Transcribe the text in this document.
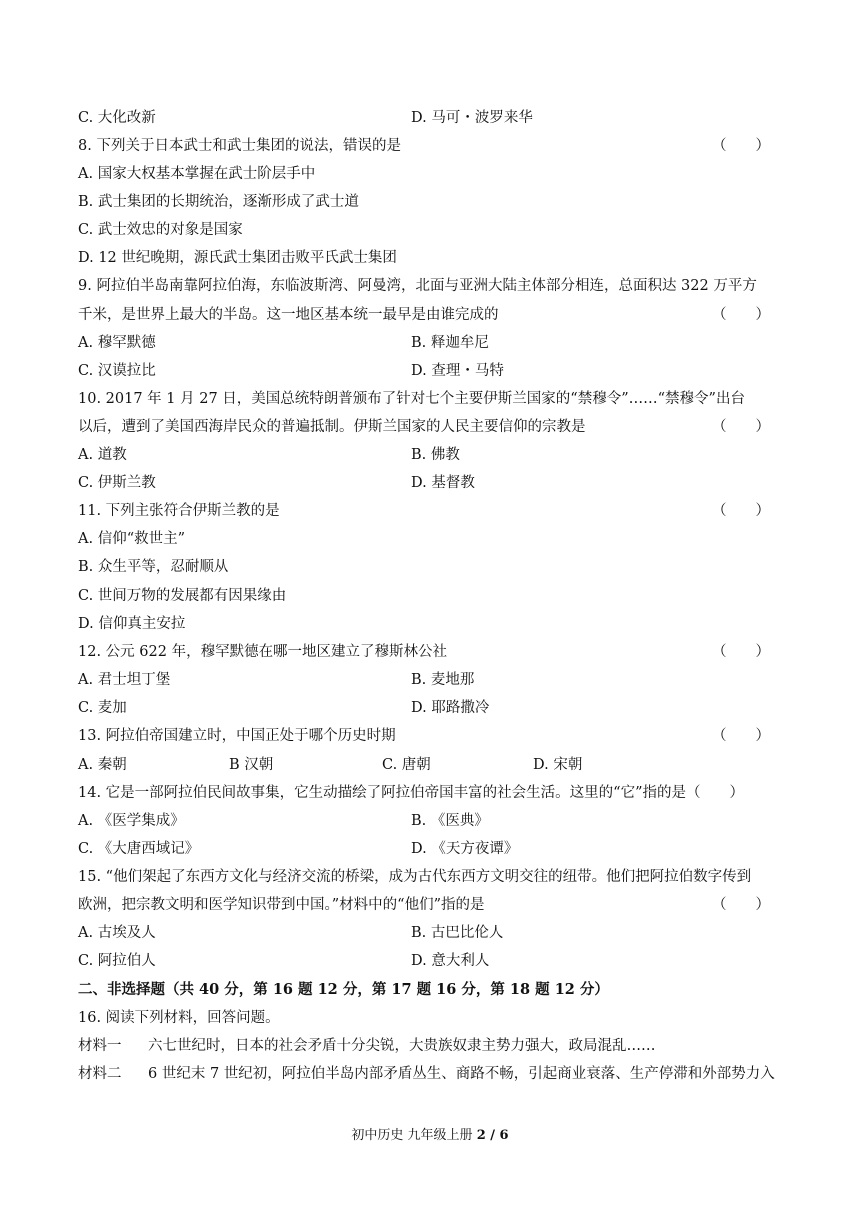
C. 大化改新	D. 马可・波罗来华
8. 下列关于日本武士和武士集团的说法，错误的是	（　　）
A. 国家大权基本掌握在武士阶层手中
B. 武士集团的长期统治，逐渐形成了武士道
C. 武士效忠的对象是国家
D. 12 世纪晚期，源氏武士集团击败平氏武士集团
9. 阿拉伯半岛南靠阿拉伯海，东临波斯湾、阿曼湾，北面与亚洲大陆主体部分相连，总面积达 322 万平方
千米，是世界上最大的半岛。这一地区基本统一最早是由谁完成的	（　　）
A. 穆罕默德	B. 释迦牟尼
C. 汉谟拉比	D. 查理・马特
10. 2017 年 1 月 27 日，美国总统特朗普颁布了针对七个主要伊斯兰国家的“禁穆令”……“禁穆令”出台
以后，遭到了美国西海岸民众的普遍抵制。伊斯兰国家的人民主要信仰的宗教是	（　　）
A. 道教	B. 佛教
C. 伊斯兰教	D. 基督教
11. 下列主张符合伊斯兰教的是	（　　）
A. 信仰“救世主”
B. 众生平等，忍耐顺从
C. 世间万物的发展都有因果缘由
D. 信仰真主安拉
12. 公元 622 年，穆罕默德在哪一地区建立了穆斯林公社	（　　）
A. 君士坦丁堡	B. 麦地那
C. 麦加	D. 耶路撒冷
13. 阿拉伯帝国建立时，中国正处于哪个历史时期	（　　）
A. 秦朝	B 汉朝	C. 唐朝	D. 宋朝
14. 它是一部阿拉伯民间故事集，它生动描绘了阿拉伯帝国丰富的社会生活。这里的“它”指的是（　　）
A. 《医学集成》	B. 《医典》
C. 《大唐西域记》	D. 《天方夜谭》
15. “他们架起了东西方文化与经济交流的桥梁，成为古代东西方文明交往的纽带。他们把阿拉伯数字传到
欧洲，把宗教文明和医学知识带到中国。”材料中的“他们”指的是	（　　）
A. 古埃及人	B. 古巴比伦人
C. 阿拉伯人	D. 意大利人
二、非选择题（共 40 分，第 16 题 12 分，第 17 题 16 分，第 18 题 12 分）
16. 阅读下列材料，回答问题。
材料一 六七世纪时，日本的社会矛盾十分尖锐，大贵族奴隶主势力强大，政局混乱……
材料二 6 世纪末 7 世纪初，阿拉伯半岛内部矛盾丛生、商路不畅，引起商业衰落、生产停滞和外部势力入
初中历史 九年级上册 2 / 6
